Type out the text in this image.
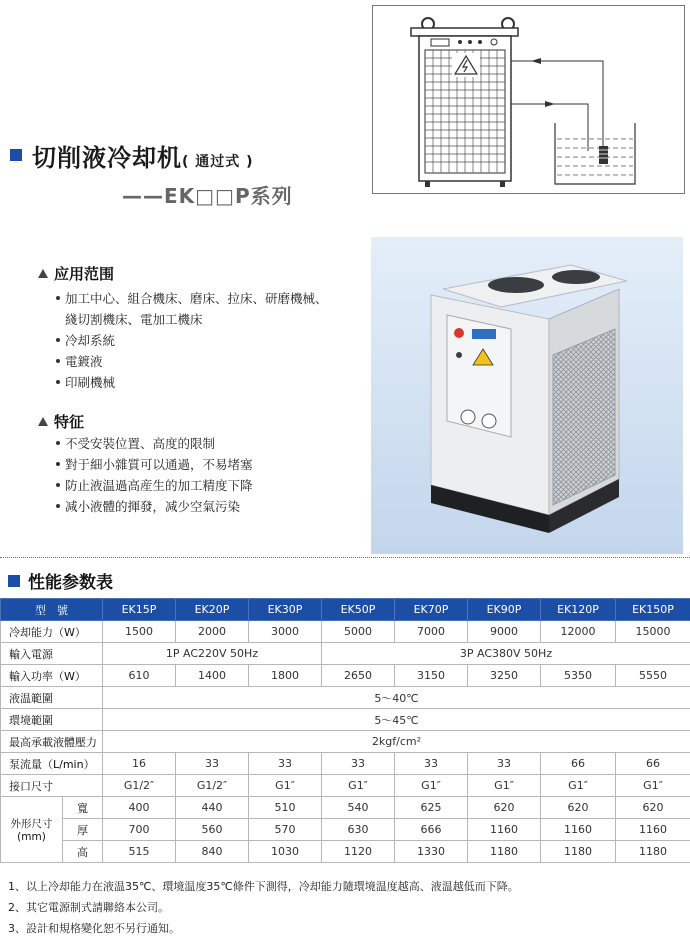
切削液冷却机( 通过式 )
——EK□□P系列
应用范围
加工中心、組合機床、磨床、拉床、研磨機械、
綫切割機床、電加工機床
冷却系統
電鍍液
印刷機械
特征
不受安裝位置、高度的限制
對于細小雜質可以通過，不易堵塞
防止液温過高産生的加工精度下降
减小液體的揮發，减少空氣污染
性能参数表
型　號		EK15P	EK20P	EK30P	EK50P	EK70P	EK90P	EK120P	EK150P
冷却能力（W）		1500	2000	3000	5000	7000	9000	12000	15000
輸入電源		1P AC220V 50Hz			3P AC380V 50Hz				
輸入功率（W）		610	1400	1800	2650	3150	3250	5350	5550
液温範圍		5～40℃							
環境範圍		5～45℃							
最高承載液體壓力		2kgf/cm²							
泵流量（L/min）		16	33	33	33	33	33	66	66
接口尺寸		G1/2″	G1/2″	G1″	G1″	G1″	G1″	G1″	G1″
外形尺寸
(mm)	寬	400	440	510	540	625	620	620	620
	厚	700	560	570	630	666	1160	1160	1160
	高	515	840	1030	1120	1330	1180	1180	1180
1、以上冷却能力在液温35℃、環境温度35℃條件下測得，冷却能力隨環境温度越高、液温越低而下降。
2、其它電源制式請聯絡本公司。
3、設計和規格變化恕不另行通知。
